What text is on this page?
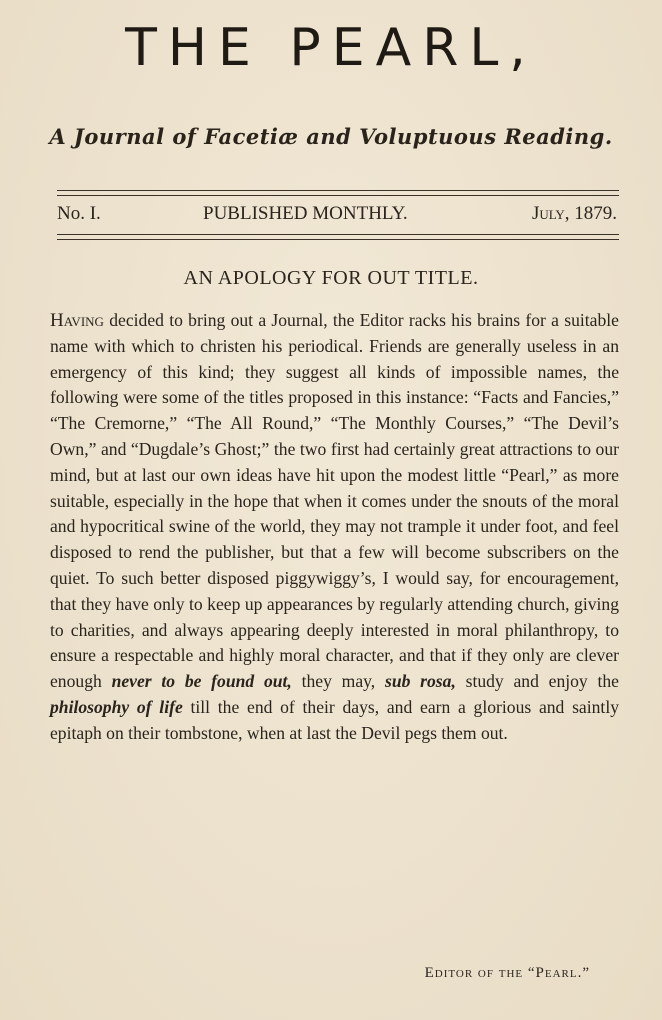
THE PEARL,
A Journal of Facetiæ and Voluptuous Reading.
No. I.	PUBLISHED MONTHLY.	July, 1879.
AN APOLOGY FOR OUT TITLE.
Having decided to bring out a Journal, the Editor racks his brains for a suitable name with which to christen his periodical. Friends are generally useless in an emergency of this kind; they suggest all kinds of impossible names, the following were some of the titles proposed in this instance: “Facts and Fancies,” “The Cremorne,” “The All Round,” “The Monthly Courses,” “The Devil’s Own,” and “Dugdale’s Ghost;” the two first had certainly great attractions to our mind, but at last our own ideas have hit upon the modest little “Pearl,” as more suitable, especially in the hope that when it comes under the snouts of the moral and hypocritical swine of the world, they may not trample it under foot, and feel disposed to rend the publisher, but that a few will become subscribers on the quiet. To such better disposed piggywiggy’s, I would say, for encouragement, that they have only to keep up appearances by regularly attending church, giving to charities, and always appearing deeply interested in moral philanthropy, to ensure a respectable and highly moral character, and that if they only are clever enough never to be found out, they may, sub rosa, study and enjoy the philosophy of life till the end of their days, and earn a glorious and saintly epitaph on their tombstone, when at last the Devil pegs them out.
Editor of the “Pearl.”
